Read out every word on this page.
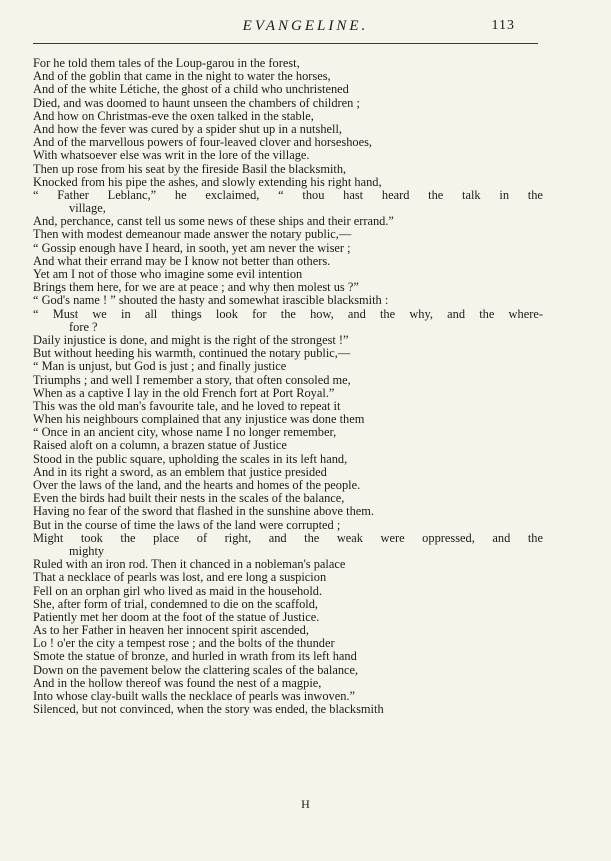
EVANGELINE.	113
For he told them tales of the Loup-garou in the forest,
And of the goblin that came in the night to water the horses,
And of the white Létiche, the ghost of a child who unchristened
Died, and was doomed to haunt unseen the chambers of children ;
And how on Christmas-eve the oxen talked in the stable,
And how the fever was cured by a spider shut up in a nutshell,
And of the marvellous powers of four-leaved clover and horseshoes,
With whatsoever else was writ in the lore of the village.
Then up rose from his seat by the fireside Basil the blacksmith,
Knocked from his pipe the ashes, and slowly extending his right hand,
“ Father Leblanc,” he exclaimed, “ thou hast heard the talk in the
village,
And, perchance, canst tell us some news of these ships and their errand.”
Then with modest demeanour made answer the notary public,—
“ Gossip enough have I heard, in sooth, yet am never the wiser ;
And what their errand may be I know not better than others.
Yet am I not of those who imagine some evil intention
Brings them here, for we are at peace ; and why then molest us ?”
“ God's name ! ” shouted the hasty and somewhat irascible blacksmith :
“ Must we in all things look for the how, and the why, and the where-
fore ?
Daily injustice is done, and might is the right of the strongest !”
But without heeding his warmth, continued the notary public,—
“ Man is unjust, but God is just ; and finally justice
Triumphs ; and well I remember a story, that often consoled me,
When as a captive I lay in the old French fort at Port Royal.”
This was the old man's favourite tale, and he loved to repeat it
When his neighbours complained that any injustice was done them
“ Once in an ancient city, whose name I no longer remember,
Raised aloft on a column, a brazen statue of Justice
Stood in the public square, upholding the scales in its left hand,
And in its right a sword, as an emblem that justice presided
Over the laws of the land, and the hearts and homes of the people.
Even the birds had built their nests in the scales of the balance,
Having no fear of the sword that flashed in the sunshine above them.
But in the course of time the laws of the land were corrupted ;
Might took the place of right, and the weak were oppressed, and the
mighty
Ruled with an iron rod. Then it chanced in a nobleman's palace
That a necklace of pearls was lost, and ere long a suspicion
Fell on an orphan girl who lived as maid in the household.
She, after form of trial, condemned to die on the scaffold,
Patiently met her doom at the foot of the statue of Justice.
As to her Father in heaven her innocent spirit ascended,
Lo ! o'er the city a tempest rose ; and the bolts of the thunder
Smote the statue of bronze, and hurled in wrath from its left hand
Down on the pavement below the clattering scales of the balance,
And in the hollow thereof was found the nest of a magpie,
Into whose clay-built walls the necklace of pearls was inwoven.”
Silenced, but not convinced, when the story was ended, the blacksmith
H
